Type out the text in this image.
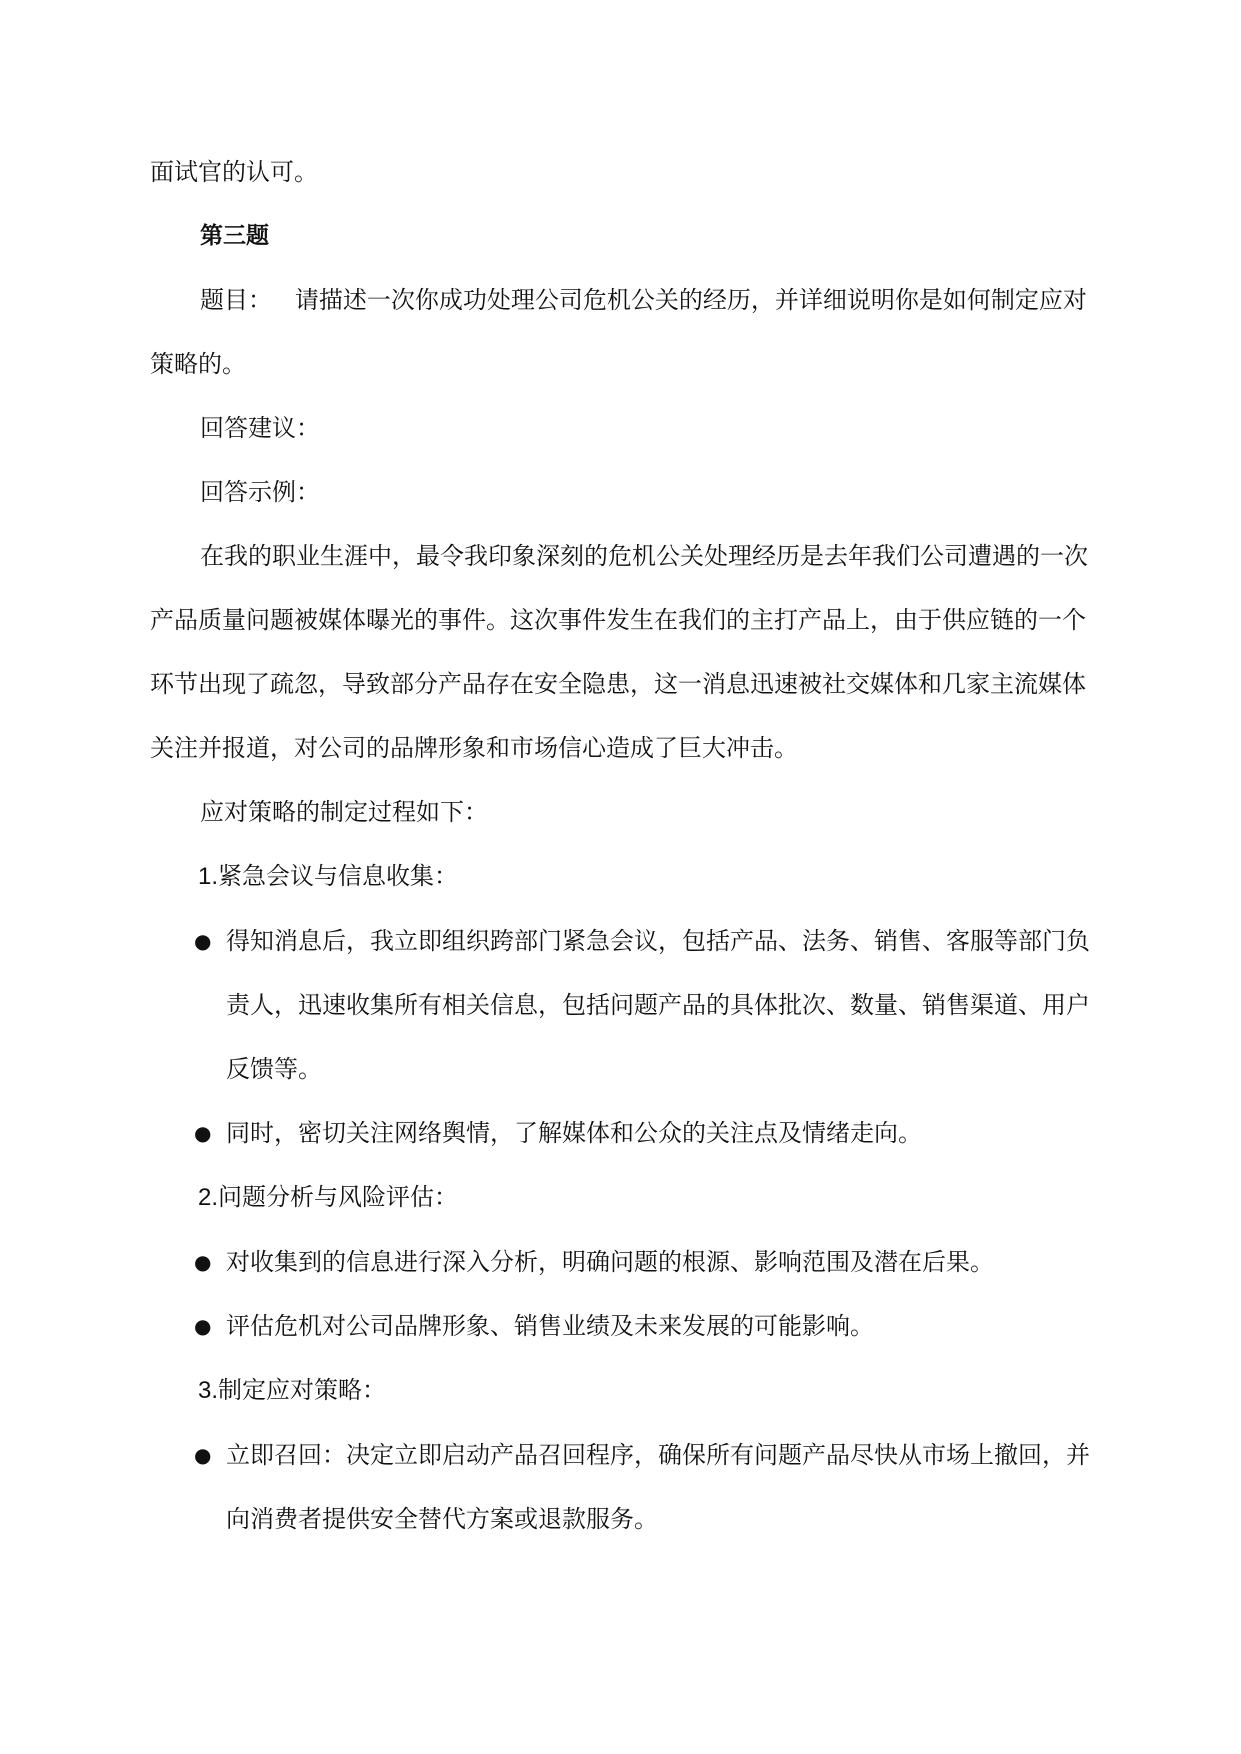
面试官的认可。

第三题

题目： 请描述一次你成功处理公司危机公关的经历，并详细说明你是如何制定应对策略的。

回答建议：

回答示例：

在我的职业生涯中，最令我印象深刻的危机公关处理经历是去年我们公司遭遇的一次产品质量问题被媒体曝光的事件。这次事件发生在我们的主打产品上，由于供应链的一个环节出现了疏忽，导致部分产品存在安全隐患，这一消息迅速被社交媒体和几家主流媒体关注并报道，对公司的品牌形象和市场信心造成了巨大冲击。

应对策略的制定过程如下：

1.紧急会议与信息收集：

● 得知消息后，我立即组织跨部门紧急会议，包括产品、法务、销售、客服等部门负责人，迅速收集所有相关信息，包括问题产品的具体批次、数量、销售渠道、用户反馈等。
● 同时，密切关注网络舆情，了解媒体和公众的关注点及情绪走向。

2.问题分析与风险评估：

● 对收集到的信息进行深入分析，明确问题的根源、影响范围及潜在后果。
● 评估危机对公司品牌形象、销售业绩及未来发展的可能影响。

3.制定应对策略：

● 立即召回：决定立即启动产品召回程序，确保所有问题产品尽快从市场上撤回，并向消费者提供安全替代方案或退款服务。
